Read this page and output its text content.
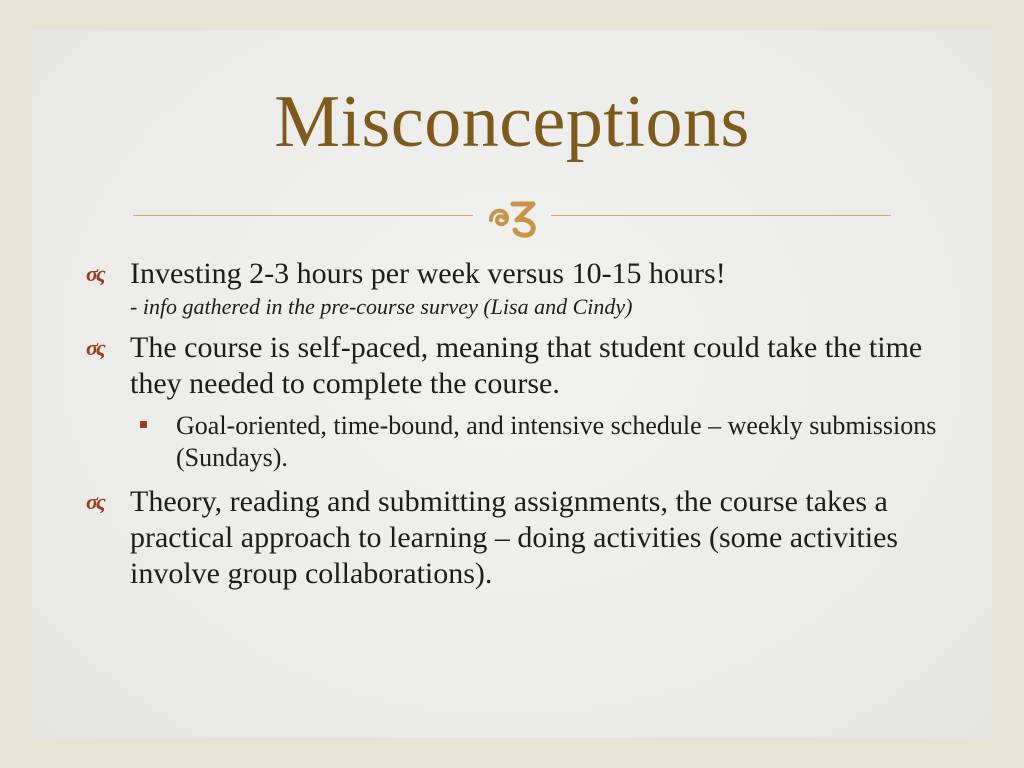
Misconceptions
σς Investing 2-3 hours per week versus 10-15 hours!
- info gathered in the pre-course survey (Lisa and Cindy)
σς The course is self-paced, meaning that student could take the time they needed to complete the course.
Goal-oriented, time-bound, and intensive schedule – weekly submissions (Sundays).
σς Theory, reading and submitting assignments, the course takes a practical approach to learning – doing activities (some activities involve group collaborations).
